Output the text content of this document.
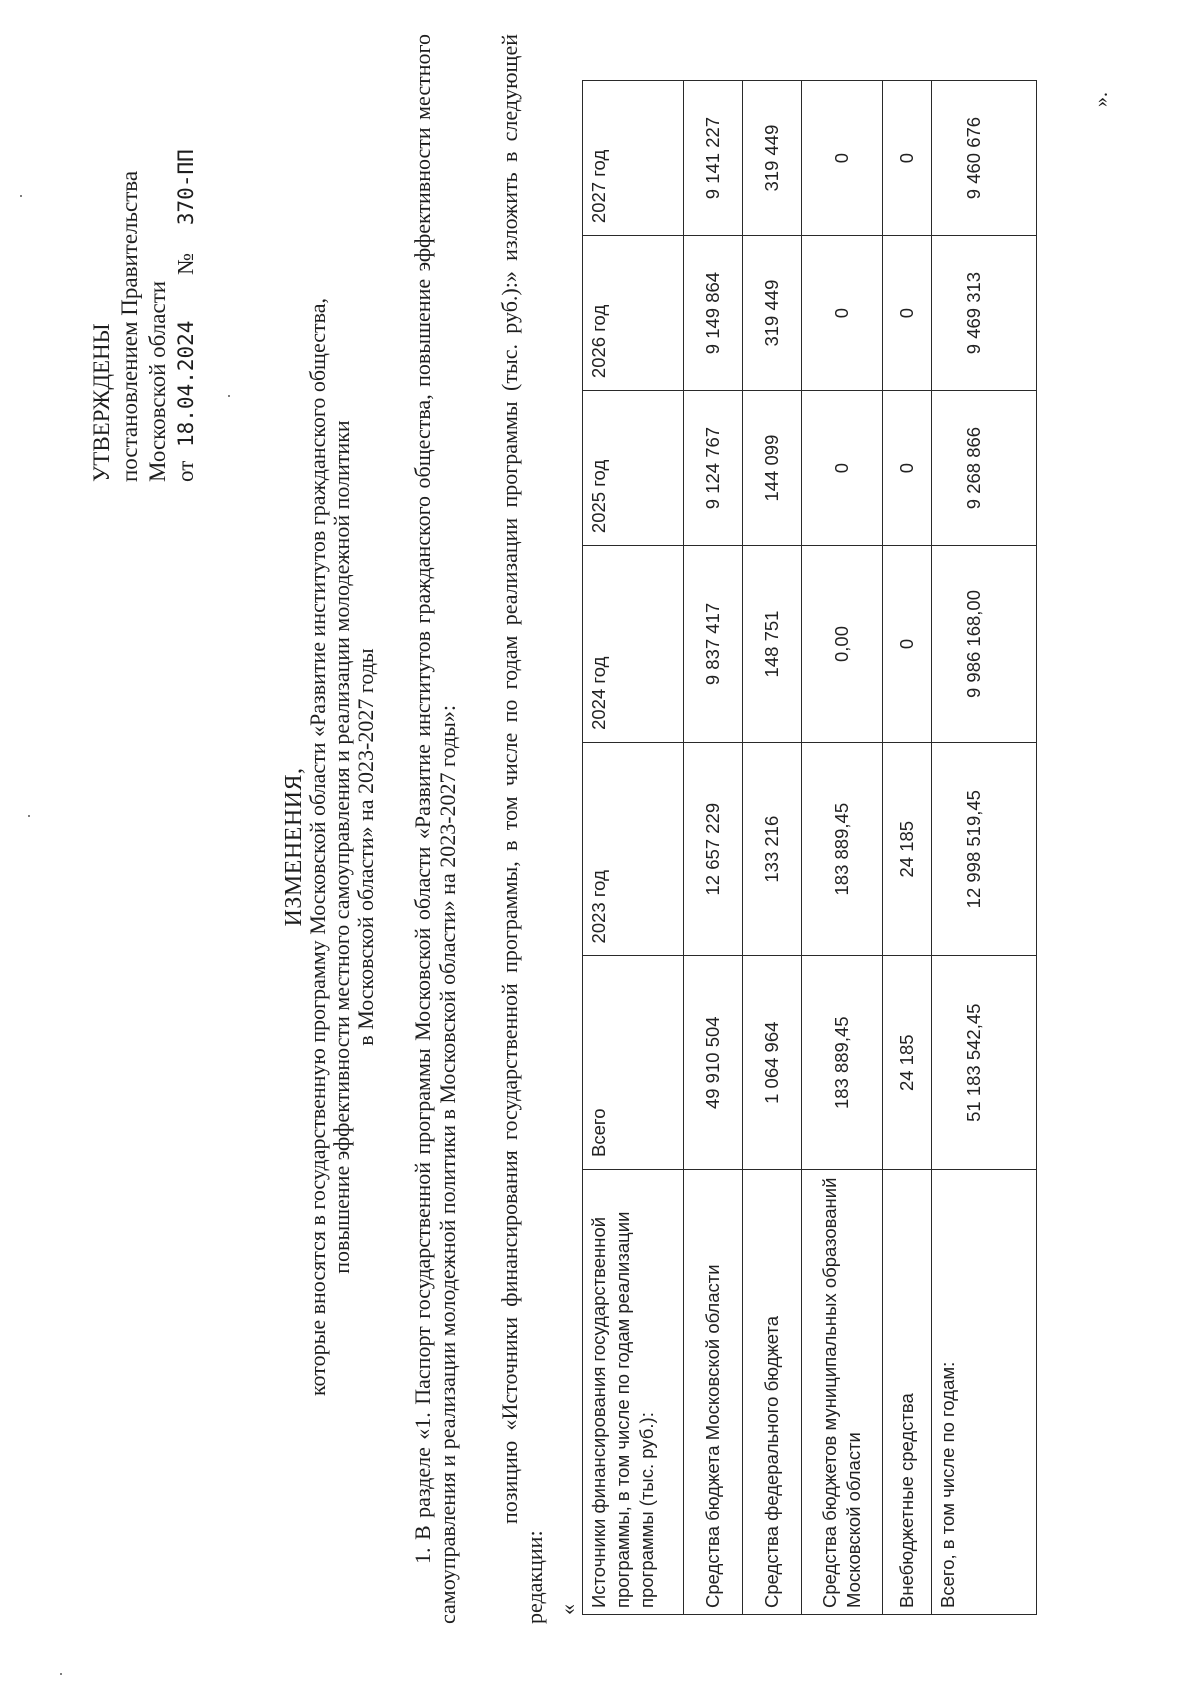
УТВЕРЖДЕНЫ постановлением Правительства Московской области от 18.04.2024 № 370-ПП
ИЗМЕНЕНИЯ,
которые вносятся в государственную программу Московской области «Развитие институтов гражданского общества, повышение эффективности местного самоуправления и реализации молодежной политики в Московской области» на 2023-2027 годы 1. В разделе «1. Паспорт государственной программы Московской области «Развитие институтов гражданского общества, повышение эффективности местного самоуправления и реализации молодежной политики в Московской области» на 2023-2027 годы»: позицию «Источники финансирования государственной программы, в том числе по годам реализации программы (тыс. руб.):» изложить в следующей редакции: «
Источники финансирования государственной программы, в том числе по годам реализации программы (тыс. руб.):	Всего	2023 год	2024 год	2025 год	2026 год	2027 год
Средства бюджета Московской области	49 910 504	12 657 229	9 837 417	9 124 767	9 149 864	9 141 227
Средства федерального бюджета	1 064 964	133 216	148 751	144 099	319 449	319 449
Средства бюджетов муниципальных образований Московской области	183 889,45	183 889,45	0,00	0	0	0
Внебюджетные средства	24 185	24 185	0	0	0	0
Всего, в том числе по годам:	51 183 542,45	12 998 519,45	9 986 168,00	9 268 866	9 469 313	9 460 676
».
